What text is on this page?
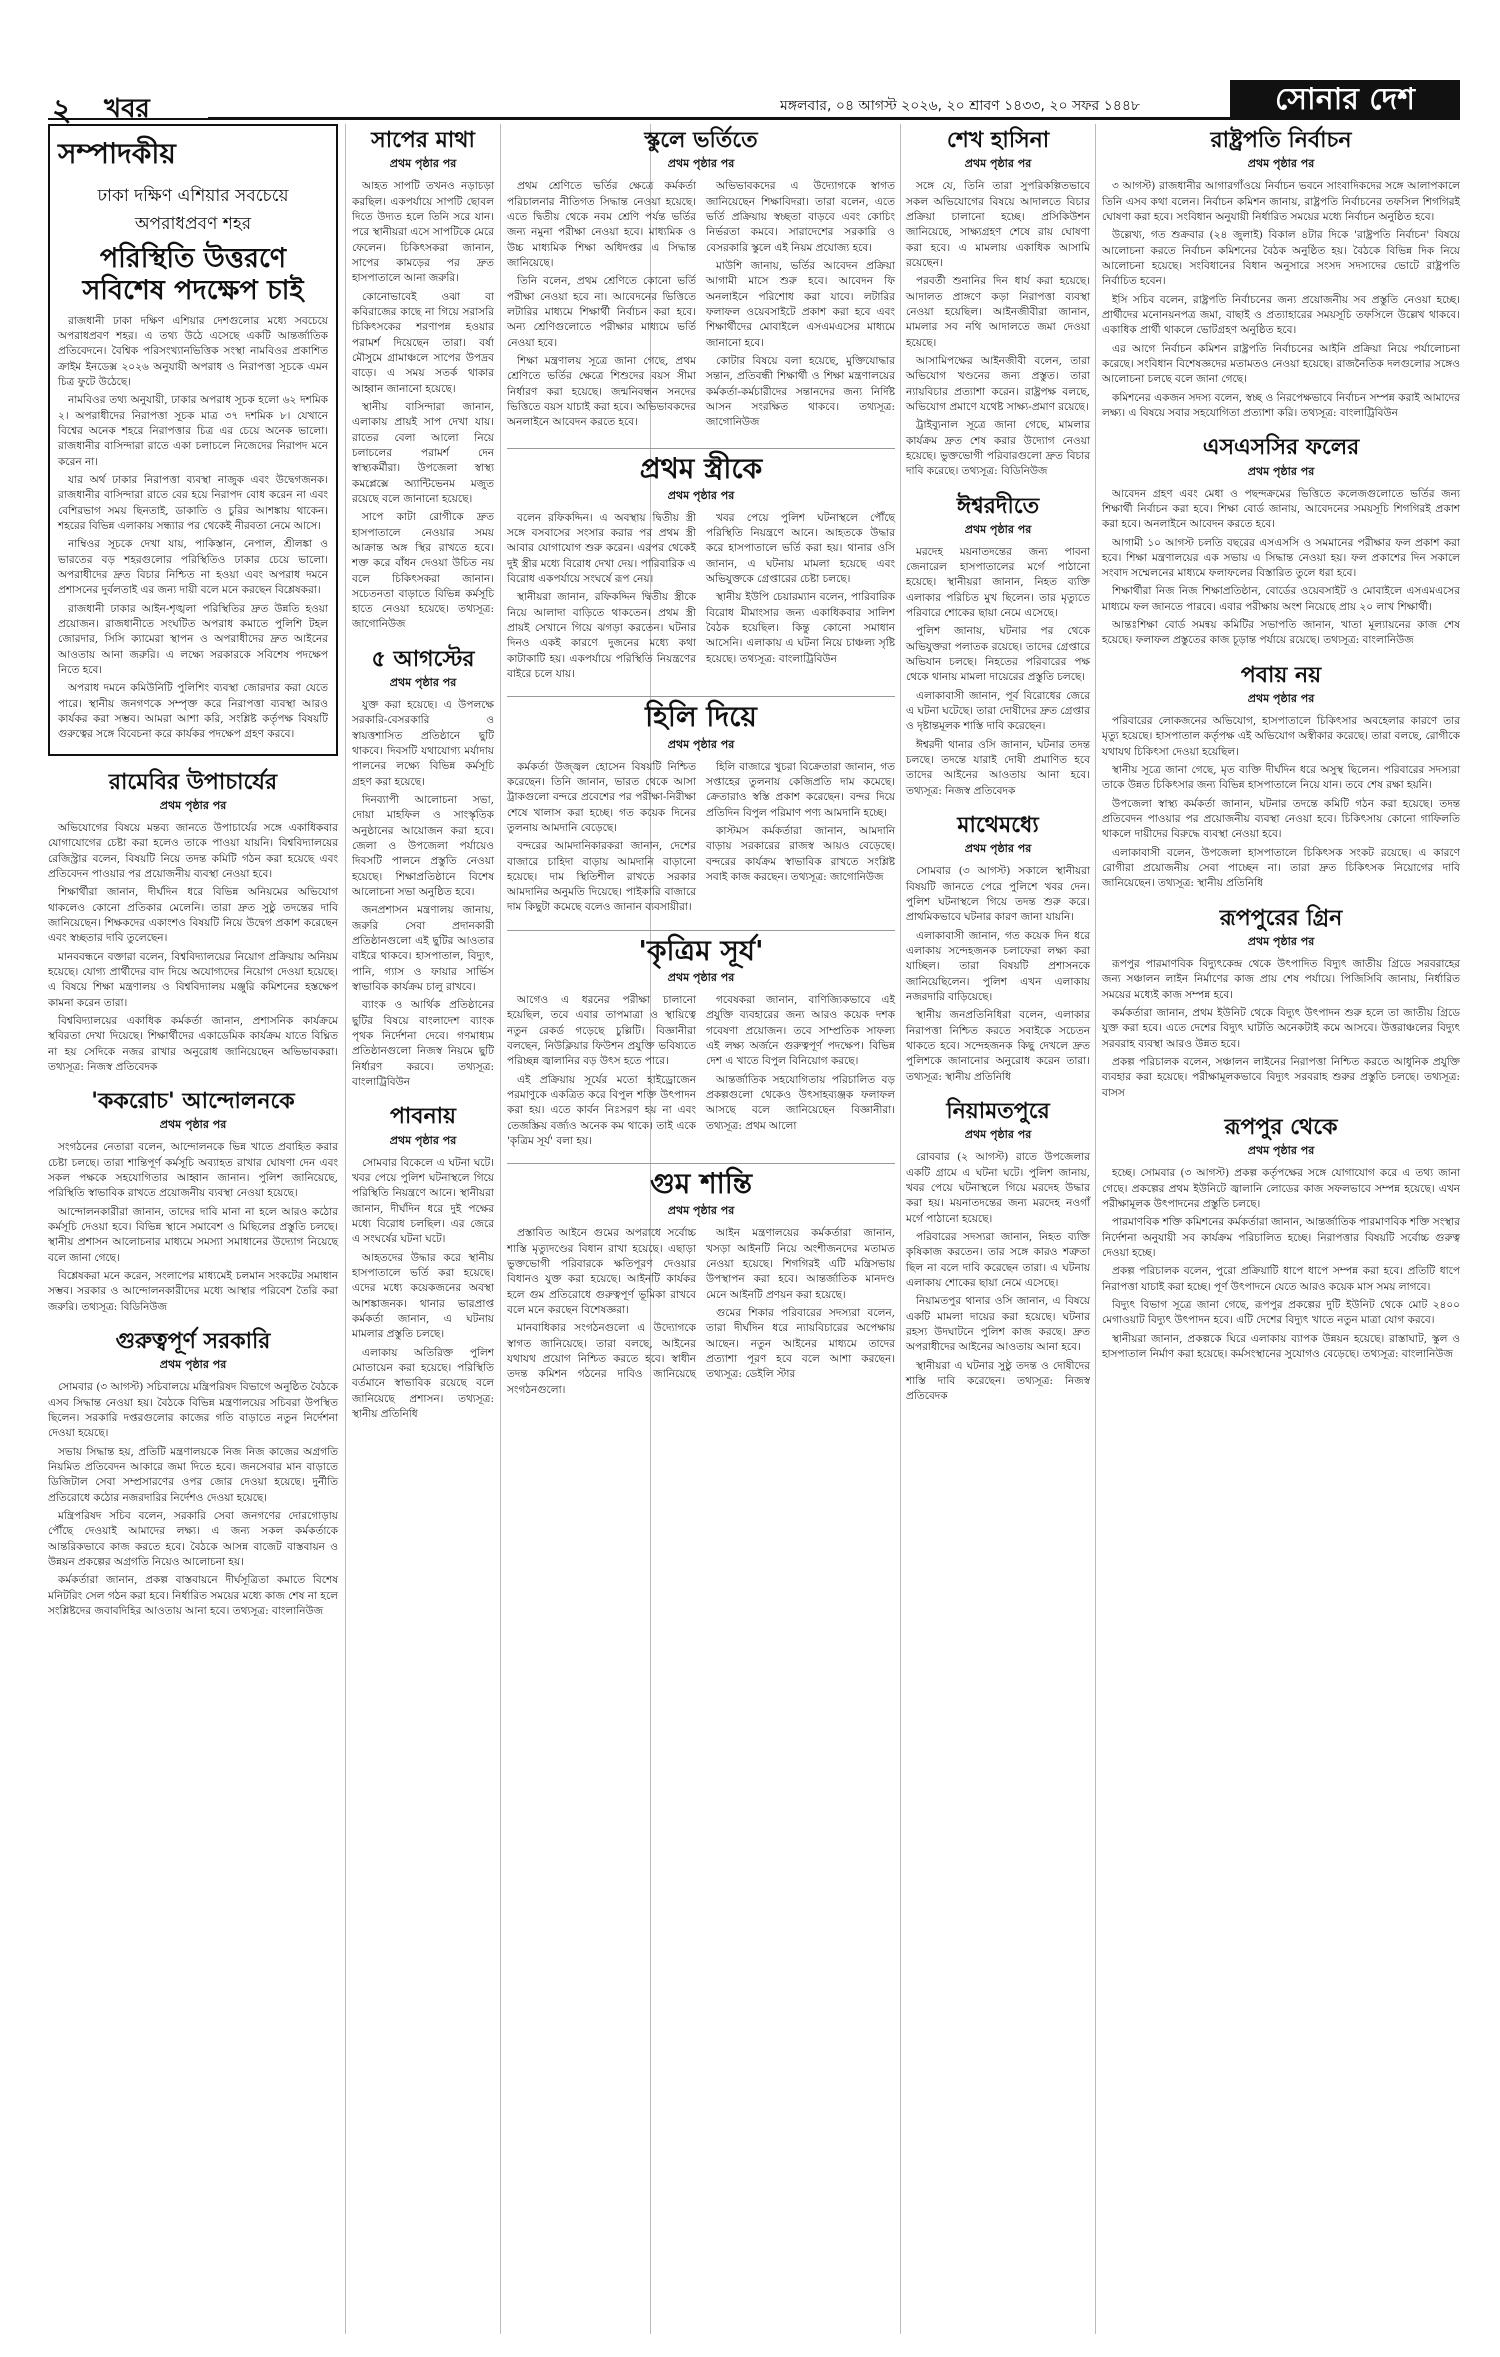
২ খবর	মঙ্গলবার, ০৪ আগস্ট ২০২৬, ২০ শ্রাবণ ১৪৩৩, ২০ সফর ১৪৪৮	সোনার দেশ
সম্পাদকীয়
ঢাকা দক্ষিণ এশিয়ার সবচেয়ে অপরাধপ্রবণ শহর
পরিস্থিতি উত্তরণে সবিশেষ পদক্ষেপ চাই

রাজধানী ঢাকা দক্ষিণ এশিয়ার দেশগুলোর মধ্যে সবচেয়ে অপরাধপ্রবণ শহর। এ তথ্য উঠে এসেছে একটি আন্তর্জাতিক প্রতিবেদনে। বৈশ্বিক পরিসংখ্যানভিত্তিক সংস্থা নামবিওর প্রকাশিত ক্রাইম ইনডেক্স ২০২৬ অনুযায়ী অপরাধ ও নিরাপত্তা সূচকে এমন চিত্র ফুটে উঠেছে।

নামবিওর তথ্য অনুযায়ী, ঢাকার অপরাধ সূচক হলো ৬২ দশমিক ২। অপরাধীদের নিরাপত্তা সূচক মাত্র ৩৭ দশমিক ৮। যেখানে বিশ্বের অনেক শহরে নিরাপত্তার চিত্র এর চেয়ে অনেক ভালো। রাজধানীর বাসিন্দারা রাতে একা চলাচলে নিজেদের নিরাপদ মনে করেন না।

যার অর্থ ঢাকার নিরাপত্তা ব্যবস্থা নাজুক এবং উদ্বেগজনক। রাজধানীর বাসিন্দারা রাতে বের হয়ে নিরাপদ বোধ করেন না এবং বেশিরভাগ সময় ছিনতাই, ডাকাতি ও চুরির আশঙ্কায় থাকেন। শহরের বিভিন্ন এলাকায় সন্ধ্যার পর থেকেই নীরবতা নেমে আসে।

নাম্বিওর সূচকে দেখা যায়, পাকিস্তান, নেপাল, শ্রীলঙ্কা ও ভারতের বড় শহরগুলোর পরিস্থিতিও ঢাকার চেয়ে ভালো। অপরাধীদের দ্রুত বিচার নিশ্চিত না হওয়া এবং অপরাধ দমনে প্রশাসনের দুর্বলতাই এর জন্য দায়ী বলে মনে করছেন বিশ্লেষকরা।

রাজধানী ঢাকার আইন-শৃঙ্খলা পরিস্থিতির দ্রুত উন্নতি হওয়া প্রয়োজন। রাজধানীতে সংঘটিত অপরাধ কমাতে পুলিশি টহল জোরদার, সিসি ক্যামেরা স্থাপন ও অপরাধীদের দ্রুত আইনের আওতায় আনা জরুরি। এ লক্ষ্যে সরকারকে সবিশেষ পদক্ষেপ নিতে হবে।

অপরাধ দমনে কমিউনিটি পুলিশিং ব্যবস্থা জোরদার করা যেতে পারে। স্থানীয় জনগণকে সম্পৃক্ত করে নিরাপত্তা ব্যবস্থা আরও কার্যকর করা সম্ভব। আমরা আশা করি, সংশ্লিষ্ট কর্তৃপক্ষ বিষয়টি গুরুত্বের সঙ্গে বিবেচনা করে কার্যকর পদক্ষেপ গ্রহণ করবে।

রামেবির উপাচার্যের
প্রথম পৃষ্ঠার পর

অভিযোগের বিষয়ে মন্তব্য জানতে উপাচার্যের সঙ্গে একাধিকবার যোগাযোগের চেষ্টা করা হলেও তাকে পাওয়া যায়নি। বিশ্ববিদ্যালয়ের রেজিস্ট্রার বলেন, বিষয়টি নিয়ে তদন্ত কমিটি গঠন করা হয়েছে এবং প্রতিবেদন পাওয়ার পর প্রয়োজনীয় ব্যবস্থা নেওয়া হবে।

শিক্ষার্থীরা জানান, দীর্ঘদিন ধরে বিভিন্ন অনিয়মের অভিযোগ থাকলেও কোনো প্রতিকার মেলেনি। তারা দ্রুত সুষ্ঠু তদন্তের দাবি জানিয়েছেন। শিক্ষকদের একাংশও বিষয়টি নিয়ে উদ্বেগ প্রকাশ করেছেন এবং স্বচ্ছতার দাবি তুলেছেন।

মানববন্ধনে বক্তারা বলেন, বিশ্ববিদ্যালয়ের নিয়োগ প্রক্রিয়ায় অনিয়ম হয়েছে। যোগ্য প্রার্থীদের বাদ দিয়ে অযোগ্যদের নিয়োগ দেওয়া হয়েছে। এ বিষয়ে শিক্ষা মন্ত্রণালয় ও বিশ্ববিদ্যালয় মঞ্জুরি কমিশনের হস্তক্ষেপ কামনা করেন তারা।

বিশ্ববিদ্যালয়ের একাধিক কর্মকর্তা জানান, প্রশাসনিক কার্যক্রমে স্থবিরতা দেখা দিয়েছে। শিক্ষার্থীদের একাডেমিক কার্যক্রম যাতে বিঘ্নিত না হয় সেদিকে নজর রাখার অনুরোধ জানিয়েছেন অভিভাবকরা। তথ্যসূত্র: নিজস্ব প্রতিবেদক

'ককরোচ' আন্দোলনকে
প্রথম পৃষ্ঠার পর

সংগঠনের নেতারা বলেন, আন্দোলনকে ভিন্ন খাতে প্রবাহিত করার চেষ্টা চলছে। তারা শান্তিপূর্ণ কর্মসূচি অব্যাহত রাখার ঘোষণা দেন এবং সকল পক্ষকে সহযোগিতার আহ্বান জানান। পুলিশ জানিয়েছে, পরিস্থিতি স্বাভাবিক রাখতে প্রয়োজনীয় ব্যবস্থা নেওয়া হয়েছে।

আন্দোলনকারীরা জানান, তাদের দাবি মানা না হলে আরও কঠোর কর্মসূচি দেওয়া হবে। বিভিন্ন স্থানে সমাবেশ ও মিছিলের প্রস্তুতি চলছে। স্থানীয় প্রশাসন আলোচনার মাধ্যমে সমস্যা সমাধানের উদ্যোগ নিয়েছে বলে জানা গেছে।

বিশ্লেষকরা মনে করেন, সংলাপের মাধ্যমেই চলমান সংকটের সমাধান সম্ভব। সরকার ও আন্দোলনকারীদের মধ্যে আস্থার পরিবেশ তৈরি করা জরুরি। তথ্যসূত্র: বিডিনিউজ

গুরুত্বপূর্ণ সরকারি
প্রথম পৃষ্ঠার পর

সোমবার (৩ আগস্ট) সচিবালয়ে মন্ত্রিপরিষদ বিভাগে অনুষ্ঠিত বৈঠকে এসব সিদ্ধান্ত নেওয়া হয়। বৈঠকে বিভিন্ন মন্ত্রণালয়ের সচিবরা উপস্থিত ছিলেন। সরকারি দপ্তরগুলোর কাজের গতি বাড়াতে নতুন নির্দেশনা দেওয়া হয়েছে।

সভায় সিদ্ধান্ত হয়, প্রতিটি মন্ত্রণালয়কে নিজ নিজ কাজের অগ্রগতি নিয়মিত প্রতিবেদন আকারে জমা দিতে হবে। জনসেবার মান বাড়াতে ডিজিটাল সেবা সম্প্রসারণের ওপর জোর দেওয়া হয়েছে। দুর্নীতি প্রতিরোধে কঠোর নজরদারির নির্দেশও দেওয়া হয়েছে।

মন্ত্রিপরিষদ সচিব বলেন, সরকারি সেবা জনগণের দোরগোড়ায় পৌঁছে দেওয়াই আমাদের লক্ষ্য। এ জন্য সকল কর্মকর্তাকে আন্তরিকভাবে কাজ করতে হবে। বৈঠকে আসন্ন বাজেট বাস্তবায়ন ও উন্নয়ন প্রকল্পের অগ্রগতি নিয়েও আলোচনা হয়।

কর্মকর্তারা জানান, প্রকল্প বাস্তবায়নে দীর্ঘসূত্রিতা কমাতে বিশেষ মনিটরিং সেল গঠন করা হবে। নির্ধারিত সময়ের মধ্যে কাজ শেষ না হলে সংশ্লিষ্টদের জবাবদিহির আওতায় আনা হবে। তথ্যসূত্র: বাংলানিউজ

সাপের মাথা
প্রথম পৃষ্ঠার পর

আহত সাপটি তখনও নড়াচড়া করছিল। একপর্যায়ে সাপটি ছোবল দিতে উদ্যত হলে তিনি সরে যান। পরে স্থানীয়রা এসে সাপটিকে মেরে ফেলেন। চিকিৎসকরা জানান, সাপের কামড়ের পর দ্রুত হাসপাতালে আনা জরুরি।

কোনোভাবেই ওঝা বা কবিরাজের কাছে না গিয়ে সরাসরি চিকিৎসকের শরণাপন্ন হওয়ার পরামর্শ দিয়েছেন তারা। বর্ষা মৌসুমে গ্রামাঞ্চলে সাপের উপদ্রব বাড়ে। এ সময় সতর্ক থাকার আহ্বান জানানো হয়েছে।

স্থানীয় বাসিন্দারা জানান, এলাকায় প্রায়ই সাপ দেখা যায়। রাতের বেলা আলো নিয়ে চলাচলের পরামর্শ দেন স্বাস্থ্যকর্মীরা। উপজেলা স্বাস্থ্য কমপ্লেক্সে অ্যান্টিভেনম মজুত রয়েছে বলে জানানো হয়েছে।

সাপে কাটা রোগীকে দ্রুত হাসপাতালে নেওয়ার সময় আক্রান্ত অঙ্গ স্থির রাখতে হবে। শক্ত করে বাঁধন দেওয়া উচিত নয় বলে চিকিৎসকরা জানান। সচেতনতা বাড়াতে বিভিন্ন কর্মসূচি হাতে নেওয়া হয়েছে। তথ্যসূত্র: জাগোনিউজ

৫ আগস্টের
প্রথম পৃষ্ঠার পর

যুক্ত করা হয়েছে। এ উপলক্ষে সরকারি-বেসরকারি ও স্বায়ত্তশাসিত প্রতিষ্ঠানে ছুটি থাকবে। দিবসটি যথাযোগ্য মর্যাদায় পালনের লক্ষ্যে বিভিন্ন কর্মসূচি গ্রহণ করা হয়েছে।

দিনব্যাপী আলোচনা সভা, দোয়া মাহফিল ও সাংস্কৃতিক অনুষ্ঠানের আয়োজন করা হবে। জেলা ও উপজেলা পর্যায়েও দিবসটি পালনে প্রস্তুতি নেওয়া হয়েছে। শিক্ষাপ্রতিষ্ঠানে বিশেষ আলোচনা সভা অনুষ্ঠিত হবে।

জনপ্রশাসন মন্ত্রণালয় জানায়, জরুরি সেবা প্রদানকারী প্রতিষ্ঠানগুলো এই ছুটির আওতার বাইরে থাকবে। হাসপাতাল, বিদ্যুৎ, পানি, গ্যাস ও ফায়ার সার্ভিস স্বাভাবিক কার্যক্রম চালু রাখবে।

ব্যাংক ও আর্থিক প্রতিষ্ঠানের ছুটির বিষয়ে বাংলাদেশ ব্যাংক পৃথক নির্দেশনা দেবে। গণমাধ্যম প্রতিষ্ঠানগুলো নিজস্ব নিয়মে ছুটি নির্ধারণ করবে। তথ্যসূত্র: বাংলাট্রিবিউন

পাবনায়
প্রথম পৃষ্ঠার পর

সোমবার বিকেলে এ ঘটনা ঘটে। খবর পেয়ে পুলিশ ঘটনাস্থলে গিয়ে পরিস্থিতি নিয়ন্ত্রণে আনে। স্থানীয়রা জানান, দীর্ঘদিন ধরে দুই পক্ষের মধ্যে বিরোধ চলছিল। এর জেরে এ সংঘর্ষের ঘটনা ঘটে।

আহতদের উদ্ধার করে স্থানীয় হাসপাতালে ভর্তি করা হয়েছে। এদের মধ্যে কয়েকজনের অবস্থা আশঙ্কাজনক। থানার ভারপ্রাপ্ত কর্মকর্তা জানান, এ ঘটনায় মামলার প্রস্তুতি চলছে।

এলাকায় অতিরিক্ত পুলিশ মোতায়েন করা হয়েছে। পরিস্থিতি বর্তমানে স্বাভাবিক রয়েছে বলে জানিয়েছে প্রশাসন। তথ্যসূত্র: স্থানীয় প্রতিনিধি

স্কুলে ভর্তিতে
প্রথম পৃষ্ঠার পর

প্রথম শ্রেণিতে ভর্তির ক্ষেত্রে কর্মকর্তা পরিচালনার নীতিগত সিদ্ধান্ত নেওয়া হয়েছে। এতে দ্বিতীয় থেকে নবম শ্রেণি পর্যন্ত ভর্তির জন্য নমুনা পরীক্ষা নেওয়া হবে। মাধ্যমিক ও উচ্চ মাধ্যমিক শিক্ষা অধিদপ্তর এ সিদ্ধান্ত জানিয়েছে।

তিনি বলেন, প্রথম শ্রেণিতে কোনো ভর্তি পরীক্ষা নেওয়া হবে না। আবেদনের ভিত্তিতে লটারির মাধ্যমে শিক্ষার্থী নির্বাচন করা হবে। অন্য শ্রেণিগুলোতে পরীক্ষার মাধ্যমে ভর্তি নেওয়া হবে।

শিক্ষা মন্ত্রণালয় সূত্রে জানা গেছে, প্রথম শ্রেণিতে ভর্তির ক্ষেত্রে শিশুদের বয়স সীমা নির্ধারণ করা হয়েছে। জন্মনিবন্ধন সনদের ভিত্তিতে বয়স যাচাই করা হবে। অভিভাবকদের অনলাইনে আবেদন করতে হবে।

অভিভাবকদের এ উদ্যোগকে স্বাগত জানিয়েছেন শিক্ষাবিদরা। তারা বলেন, এতে ভর্তি প্রক্রিয়ায় স্বচ্ছতা বাড়বে এবং কোচিং নির্ভরতা কমবে। সারাদেশের সরকারি ও বেসরকারি স্কুলে এই নিয়ম প্রযোজ্য হবে।

মাউশি জানায়, ভর্তির আবেদন প্রক্রিয়া আগামী মাসে শুরু হবে। আবেদন ফি অনলাইনে পরিশোধ করা যাবে। লটারির ফলাফল ওয়েবসাইটে প্রকাশ করা হবে এবং শিক্ষার্থীদের মোবাইলে এসএমএসের মাধ্যমে জানানো হবে।

কোটার বিষয়ে বলা হয়েছে, মুক্তিযোদ্ধার সন্তান, প্রতিবন্ধী শিক্ষার্থী ও শিক্ষা মন্ত্রণালয়ের কর্মকর্তা-কর্মচারীদের সন্তানদের জন্য নির্দিষ্ট আসন সংরক্ষিত থাকবে। তথ্যসূত্র: জাগোনিউজ

প্রথম স্ত্রীকে
প্রথম পৃষ্ঠার পর

বলেন রফিকদ্দিন। এ অবস্থায় দ্বিতীয় স্ত্রী সঙ্গে বসবাসের সংসার করার পর প্রথম স্ত্রী আবার যোগাযোগ শুরু করেন। এরপর থেকেই দুই স্ত্রীর মধ্যে বিরোধ দেখা দেয়। পারিবারিক এ বিরোধ একপর্যায়ে সংঘর্ষে রূপ নেয়।

স্থানীয়রা জানান, রফিকদ্দিন দ্বিতীয় স্ত্রীকে নিয়ে আলাদা বাড়িতে থাকতেন। প্রথম স্ত্রী প্রায়ই সেখানে গিয়ে ঝগড়া করতেন। ঘটনার দিনও একই কারণে দুজনের মধ্যে কথা কাটাকাটি হয়। একপর্যায়ে পরিস্থিতি নিয়ন্ত্রণের বাইরে চলে যায়।

খবর পেয়ে পুলিশ ঘটনাস্থলে পৌঁছে পরিস্থিতি নিয়ন্ত্রণে আনে। আহতকে উদ্ধার করে হাসপাতালে ভর্তি করা হয়। থানার ওসি জানান, এ ঘটনায় মামলা হয়েছে এবং অভিযুক্তকে গ্রেপ্তারের চেষ্টা চলছে।

স্থানীয় ইউপি চেয়ারম্যান বলেন, পারিবারিক বিরোধ মীমাংসার জন্য একাধিকবার সালিশ বৈঠক হয়েছিল। কিন্তু কোনো সমাধান আসেনি। এলাকায় এ ঘটনা নিয়ে চাঞ্চল্য সৃষ্টি হয়েছে। তথ্যসূত্র: বাংলাট্রিবিউন

হিলি দিয়ে
প্রথম পৃষ্ঠার পর

কর্মকর্তা উজ্জ্বল হোসেন বিষয়টি নিশ্চিত করেছেন। তিনি জানান, ভারত থেকে আসা ট্রাকগুলো বন্দরে প্রবেশের পর পরীক্ষা-নিরীক্ষা শেষে খালাস করা হচ্ছে। গত কয়েক দিনের তুলনায় আমদানি বেড়েছে।

বন্দরের আমদানিকারকরা জানান, দেশের বাজারে চাহিদা বাড়ায় আমদানি বাড়ানো হয়েছে। দাম স্থিতিশীল রাখতে সরকার আমদানির অনুমতি দিয়েছে। পাইকারি বাজারে দাম কিছুটা কমেছে বলেও জানান ব্যবসায়ীরা।

হিলি বাজারে খুচরা বিক্রেতারা জানান, গত সপ্তাহের তুলনায় কেজিপ্রতি দাম কমেছে। ক্রেতারাও স্বস্তি প্রকাশ করেছেন। বন্দর দিয়ে প্রতিদিন বিপুল পরিমাণ পণ্য আমদানি হচ্ছে।

কাস্টমস কর্মকর্তারা জানান, আমদানি বাড়ায় সরকারের রাজস্ব আয়ও বেড়েছে। বন্দরের কার্যক্রম স্বাভাবিক রাখতে সংশ্লিষ্ট সবাই কাজ করছেন। তথ্যসূত্র: জাগোনিউজ

'কৃত্রিম সূর্য'
প্রথম পৃষ্ঠার পর

আগেও এ ধরনের পরীক্ষা চালানো হয়েছিল, তবে এবার তাপমাত্রা ও স্থায়িত্বে নতুন রেকর্ড গড়েছে চুল্লিটি। বিজ্ঞানীরা বলছেন, নিউক্লিয়ার ফিউশন প্রযুক্তি ভবিষ্যতে পরিচ্ছন্ন জ্বালানির বড় উৎস হতে পারে।

এই প্রক্রিয়ায় সূর্যের মতো হাইড্রোজেন পরমাণুকে একত্রিত করে বিপুল শক্তি উৎপাদন করা হয়। এতে কার্বন নিঃসরণ হয় না এবং তেজস্ক্রিয় বর্জ্যও অনেক কম থাকে। তাই একে 'কৃত্রিম সূর্য' বলা হয়।

গবেষকরা জানান, বাণিজ্যিকভাবে এই প্রযুক্তি ব্যবহারের জন্য আরও কয়েক দশক গবেষণা প্রয়োজন। তবে সাম্প্রতিক সাফল্য এই লক্ষ্য অর্জনে গুরুত্বপূর্ণ পদক্ষেপ। বিভিন্ন দেশ এ খাতে বিপুল বিনিয়োগ করছে।

আন্তর্জাতিক সহযোগিতায় পরিচালিত বড় প্রকল্পগুলো থেকেও উৎসাহব্যঞ্জক ফলাফল আসছে বলে জানিয়েছেন বিজ্ঞানীরা। তথ্যসূত্র: প্রথম আলো

গুম শান্তি
প্রথম পৃষ্ঠার পর

প্রস্তাবিত আইনে গুমের অপরাধে সর্বোচ্চ শাস্তি মৃত্যুদণ্ডের বিধান রাখা হয়েছে। এছাড়া ভুক্তভোগী পরিবারকে ক্ষতিপূরণ দেওয়ার বিধানও যুক্ত করা হয়েছে। আইনটি কার্যকর হলে গুম প্রতিরোধে গুরুত্বপূর্ণ ভূমিকা রাখবে বলে মনে করছেন বিশেষজ্ঞরা।

মানবাধিকার সংগঠনগুলো এ উদ্যোগকে স্বাগত জানিয়েছে। তারা বলছে, আইনের যথাযথ প্রয়োগ নিশ্চিত করতে হবে। স্বাধীন তদন্ত কমিশন গঠনের দাবিও জানিয়েছে সংগঠনগুলো।

আইন মন্ত্রণালয়ের কর্মকর্তারা জানান, খসড়া আইনটি নিয়ে অংশীজনদের মতামত নেওয়া হয়েছে। শিগগিরই এটি মন্ত্রিসভায় উপস্থাপন করা হবে। আন্তর্জাতিক মানদণ্ড মেনে আইনটি প্রণয়ন করা হয়েছে।

গুমের শিকার পরিবারের সদস্যরা বলেন, তারা দীর্ঘদিন ধরে ন্যায়বিচারের অপেক্ষায় আছেন। নতুন আইনের মাধ্যমে তাদের প্রত্যাশা পূরণ হবে বলে আশা করছেন। তথ্যসূত্র: ডেইলি স্টার

শেখ হাসিনা
প্রথম পৃষ্ঠার পর

সঙ্গে যে, তিনি তারা সুপরিকল্পিতভাবে সকল অভিযোগের বিষয়ে আদালতে বিচার প্রক্রিয়া চালানো হচ্ছে। প্রসিকিউশন জানিয়েছে, সাক্ষ্যগ্রহণ শেষে রায় ঘোষণা করা হবে। এ মামলায় একাধিক আসামি রয়েছেন।

পরবর্তী শুনানির দিন ধার্য করা হয়েছে। আদালত প্রাঙ্গণে কড়া নিরাপত্তা ব্যবস্থা নেওয়া হয়েছিল। আইনজীবীরা জানান, মামলার সব নথি আদালতে জমা দেওয়া হয়েছে।

আসামিপক্ষের আইনজীবী বলেন, তারা অভিযোগ খণ্ডনের জন্য প্রস্তুত। তারা ন্যায়বিচার প্রত্যাশা করেন। রাষ্ট্রপক্ষ বলছে, অভিযোগ প্রমাণে যথেষ্ট সাক্ষ্য-প্রমাণ রয়েছে।

ট্রাইব্যুনাল সূত্রে জানা গেছে, মামলার কার্যক্রম দ্রুত শেষ করার উদ্যোগ নেওয়া হয়েছে। ভুক্তভোগী পরিবারগুলো দ্রুত বিচার দাবি করেছে। তথ্যসূত্র: বিডিনিউজ

ঈশ্বরদীতে
প্রথম পৃষ্ঠার পর

মরদেহ ময়নাতদন্তের জন্য পাবনা জেনারেল হাসপাতালের মর্গে পাঠানো হয়েছে। স্থানীয়রা জানান, নিহত ব্যক্তি এলাকার পরিচিত মুখ ছিলেন। তার মৃত্যুতে পরিবারে শোকের ছায়া নেমে এসেছে।

পুলিশ জানায়, ঘটনার পর থেকে অভিযুক্তরা পলাতক রয়েছে। তাদের গ্রেপ্তারে অভিযান চলছে। নিহতের পরিবারের পক্ষ থেকে থানায় মামলা দায়েরের প্রস্তুতি চলছে।

এলাকাবাসী জানান, পূর্ব বিরোধের জেরে এ ঘটনা ঘটেছে। তারা দোষীদের দ্রুত গ্রেপ্তার ও দৃষ্টান্তমূলক শাস্তি দাবি করেছেন।

ঈশ্বরদী থানার ওসি জানান, ঘটনার তদন্ত চলছে। তদন্তে যারাই দোষী প্রমাণিত হবে তাদের আইনের আওতায় আনা হবে। তথ্যসূত্র: নিজস্ব প্রতিবেদক

মাথেমধ্যে
প্রথম পৃষ্ঠার পর

সোমবার (৩ আগস্ট) সকালে স্থানীয়রা বিষয়টি জানতে পেরে পুলিশে খবর দেন। পুলিশ ঘটনাস্থলে গিয়ে তদন্ত শুরু করে। প্রাথমিকভাবে ঘটনার কারণ জানা যায়নি।

এলাকাবাসী জানান, গত কয়েক দিন ধরে এলাকায় সন্দেহজনক চলাফেরা লক্ষ্য করা যাচ্ছিল। তারা বিষয়টি প্রশাসনকে জানিয়েছিলেন। পুলিশ এখন এলাকায় নজরদারি বাড়িয়েছে।

স্থানীয় জনপ্রতিনিধিরা বলেন, এলাকার নিরাপত্তা নিশ্চিত করতে সবাইকে সচেতন থাকতে হবে। সন্দেহজনক কিছু দেখলে দ্রুত পুলিশকে জানানোর অনুরোধ করেন তারা। তথ্যসূত্র: স্থানীয় প্রতিনিধি

নিয়ামতপুরে
প্রথম পৃষ্ঠার পর

রোববার (২ আগস্ট) রাতে উপজেলার একটি গ্রামে এ ঘটনা ঘটে। পুলিশ জানায়, খবর পেয়ে ঘটনাস্থলে গিয়ে মরদেহ উদ্ধার করা হয়। ময়নাতদন্তের জন্য মরদেহ নওগাঁ মর্গে পাঠানো হয়েছে।

পরিবারের সদস্যরা জানান, নিহত ব্যক্তি কৃষিকাজ করতেন। তার সঙ্গে কারও শত্রুতা ছিল না বলে দাবি করেছেন তারা। এ ঘটনায় এলাকায় শোকের ছায়া নেমে এসেছে।

নিয়ামতপুর থানার ওসি জানান, এ বিষয়ে একটি মামলা দায়ের করা হয়েছে। ঘটনার রহস্য উদঘাটনে পুলিশ কাজ করছে। দ্রুত অপরাধীদের আইনের আওতায় আনা হবে।

স্থানীয়রা এ ঘটনার সুষ্ঠু তদন্ত ও দোষীদের শাস্তি দাবি করেছেন। তথ্যসূত্র: নিজস্ব প্রতিবেদক

রাষ্ট্রপতি নির্বাচন
প্রথম পৃষ্ঠার পর

৩ আগস্ট) রাজধানীর আগারগাঁওয়ে নির্বাচন ভবনে সাংবাদিকদের সঙ্গে আলাপকালে তিনি এসব কথা বলেন। নির্বাচন কমিশন জানায়, রাষ্ট্রপতি নির্বাচনের তফসিল শিগগিরই ঘোষণা করা হবে। সংবিধান অনুযায়ী নির্ধারিত সময়ের মধ্যে নির্বাচন অনুষ্ঠিত হবে।

উল্লেখ্য, গত শুক্রবার (২৪ জুলাই) বিকাল ৪টার দিকে 'রাষ্ট্রপতি নির্বাচন' বিষয়ে আলোচনা করতে নির্বাচন কমিশনের বৈঠক অনুষ্ঠিত হয়। বৈঠকে বিভিন্ন দিক নিয়ে আলোচনা হয়েছে। সংবিধানের বিধান অনুসারে সংসদ সদস্যদের ভোটে রাষ্ট্রপতি নির্বাচিত হবেন।

ইসি সচিব বলেন, রাষ্ট্রপতি নির্বাচনের জন্য প্রয়োজনীয় সব প্রস্তুতি নেওয়া হচ্ছে। প্রার্থীদের মনোনয়নপত্র জমা, বাছাই ও প্রত্যাহারের সময়সূচি তফসিলে উল্লেখ থাকবে। একাধিক প্রার্থী থাকলে ভোটগ্রহণ অনুষ্ঠিত হবে।

এর আগে নির্বাচন কমিশন রাষ্ট্রপতি নির্বাচনের আইনি প্রক্রিয়া নিয়ে পর্যালোচনা করেছে। সংবিধান বিশেষজ্ঞদের মতামতও নেওয়া হয়েছে। রাজনৈতিক দলগুলোর সঙ্গেও আলোচনা চলছে বলে জানা গেছে।

কমিশনের একজন সদস্য বলেন, স্বচ্ছ ও নিরপেক্ষভাবে নির্বাচন সম্পন্ন করাই আমাদের লক্ষ্য। এ বিষয়ে সবার সহযোগিতা প্রত্যাশা করি। তথ্যসূত্র: বাংলাট্রিবিউন

এসএসসির ফলের
প্রথম পৃষ্ঠার পর

আবেদন গ্রহণ এবং মেধা ও পছন্দক্রমের ভিত্তিতে কলেজগুলোতে ভর্তির জন্য শিক্ষার্থী নির্বাচন করা হবে। শিক্ষা বোর্ড জানায়, আবেদনের সময়সূচি শিগগিরই প্রকাশ করা হবে। অনলাইনে আবেদন করতে হবে।

আগামী ১০ আগস্ট চলতি বছরের এসএসসি ও সমমানের পরীক্ষার ফল প্রকাশ করা হবে। শিক্ষা মন্ত্রণালয়ের এক সভায় এ সিদ্ধান্ত নেওয়া হয়। ফল প্রকাশের দিন সকালে সংবাদ সম্মেলনের মাধ্যমে ফলাফলের বিস্তারিত তুলে ধরা হবে।

শিক্ষার্থীরা নিজ নিজ শিক্ষাপ্রতিষ্ঠান, বোর্ডের ওয়েবসাইট ও মোবাইলে এসএমএসের মাধ্যমে ফল জানতে পারবে। এবার পরীক্ষায় অংশ নিয়েছে প্রায় ২০ লাখ শিক্ষার্থী।

আন্তঃশিক্ষা বোর্ড সমন্বয় কমিটির সভাপতি জানান, খাতা মূল্যায়নের কাজ শেষ হয়েছে। ফলাফল প্রস্তুতের কাজ চূড়ান্ত পর্যায়ে রয়েছে। তথ্যসূত্র: বাংলানিউজ

পবায় নয়
প্রথম পৃষ্ঠার পর

পরিবারের লোকজনের অভিযোগ, হাসপাতালে চিকিৎসার অবহেলার কারণে তার মৃত্যু হয়েছে। হাসপাতাল কর্তৃপক্ষ এই অভিযোগ অস্বীকার করেছে। তারা বলছে, রোগীকে যথাযথ চিকিৎসা দেওয়া হয়েছিল।

স্থানীয় সূত্রে জানা গেছে, মৃত ব্যক্তি দীর্ঘদিন ধরে অসুস্থ ছিলেন। পরিবারের সদস্যরা তাকে উন্নত চিকিৎসার জন্য বিভিন্ন হাসপাতালে নিয়ে যান। তবে শেষ রক্ষা হয়নি।

উপজেলা স্বাস্থ্য কর্মকর্তা জানান, ঘটনার তদন্তে কমিটি গঠন করা হয়েছে। তদন্ত প্রতিবেদন পাওয়ার পর প্রয়োজনীয় ব্যবস্থা নেওয়া হবে। চিকিৎসায় কোনো গাফিলতি থাকলে দায়ীদের বিরুদ্ধে ব্যবস্থা নেওয়া হবে।

এলাকাবাসী বলেন, উপজেলা হাসপাতালে চিকিৎসক সংকট রয়েছে। এ কারণে রোগীরা প্রয়োজনীয় সেবা পাচ্ছেন না। তারা দ্রুত চিকিৎসক নিয়োগের দাবি জানিয়েছেন। তথ্যসূত্র: স্থানীয় প্রতিনিধি

রূপপুরের গ্রিন
প্রথম পৃষ্ঠার পর

রূপপুর পারমাণবিক বিদ্যুৎকেন্দ্র থেকে উৎপাদিত বিদ্যুৎ জাতীয় গ্রিডে সরবরাহের জন্য সঞ্চালন লাইন নির্মাণের কাজ প্রায় শেষ পর্যায়ে। পিজিসিবি জানায়, নির্ধারিত সময়ের মধ্যেই কাজ সম্পন্ন হবে।

কর্মকর্তারা জানান, প্রথম ইউনিট থেকে বিদ্যুৎ উৎপাদন শুরু হলে তা জাতীয় গ্রিডে যুক্ত করা হবে। এতে দেশের বিদ্যুৎ ঘাটতি অনেকটাই কমে আসবে। উত্তরাঞ্চলের বিদ্যুৎ সরবরাহ ব্যবস্থা আরও উন্নত হবে।

প্রকল্প পরিচালক বলেন, সঞ্চালন লাইনের নিরাপত্তা নিশ্চিত করতে আধুনিক প্রযুক্তি ব্যবহার করা হয়েছে। পরীক্ষামূলকভাবে বিদ্যুৎ সরবরাহ শুরুর প্রস্তুতি চলছে। তথ্যসূত্র: বাসস

রূপপুর থেকে
প্রথম পৃষ্ঠার পর

হচ্ছে। সোমবার (৩ আগস্ট) প্রকল্প কর্তৃপক্ষের সঙ্গে যোগাযোগ করে এ তথ্য জানা গেছে। প্রকল্পের প্রথম ইউনিটে জ্বালানি লোডের কাজ সফলভাবে সম্পন্ন হয়েছে। এখন পরীক্ষামূলক উৎপাদনের প্রস্তুতি চলছে।

পারমাণবিক শক্তি কমিশনের কর্মকর্তারা জানান, আন্তর্জাতিক পারমাণবিক শক্তি সংস্থার নির্দেশনা অনুযায়ী সব কার্যক্রম পরিচালিত হচ্ছে। নিরাপত্তার বিষয়টি সর্বোচ্চ গুরুত্ব দেওয়া হচ্ছে।

প্রকল্প পরিচালক বলেন, পুরো প্রক্রিয়াটি ধাপে ধাপে সম্পন্ন করা হবে। প্রতিটি ধাপে নিরাপত্তা যাচাই করা হচ্ছে। পূর্ণ উৎপাদনে যেতে আরও কয়েক মাস সময় লাগবে।

বিদ্যুৎ বিভাগ সূত্রে জানা গেছে, রূপপুর প্রকল্পের দুটি ইউনিট থেকে মোট ২৪০০ মেগাওয়াট বিদ্যুৎ উৎপাদন হবে। এটি দেশের বিদ্যুৎ খাতে নতুন মাত্রা যোগ করবে।

স্থানীয়রা জানান, প্রকল্পকে ঘিরে এলাকায় ব্যাপক উন্নয়ন হয়েছে। রাস্তাঘাট, স্কুল ও হাসপাতাল নির্মাণ করা হয়েছে। কর্মসংস্থানের সুযোগও বেড়েছে। তথ্যসূত্র: বাংলানিউজ
